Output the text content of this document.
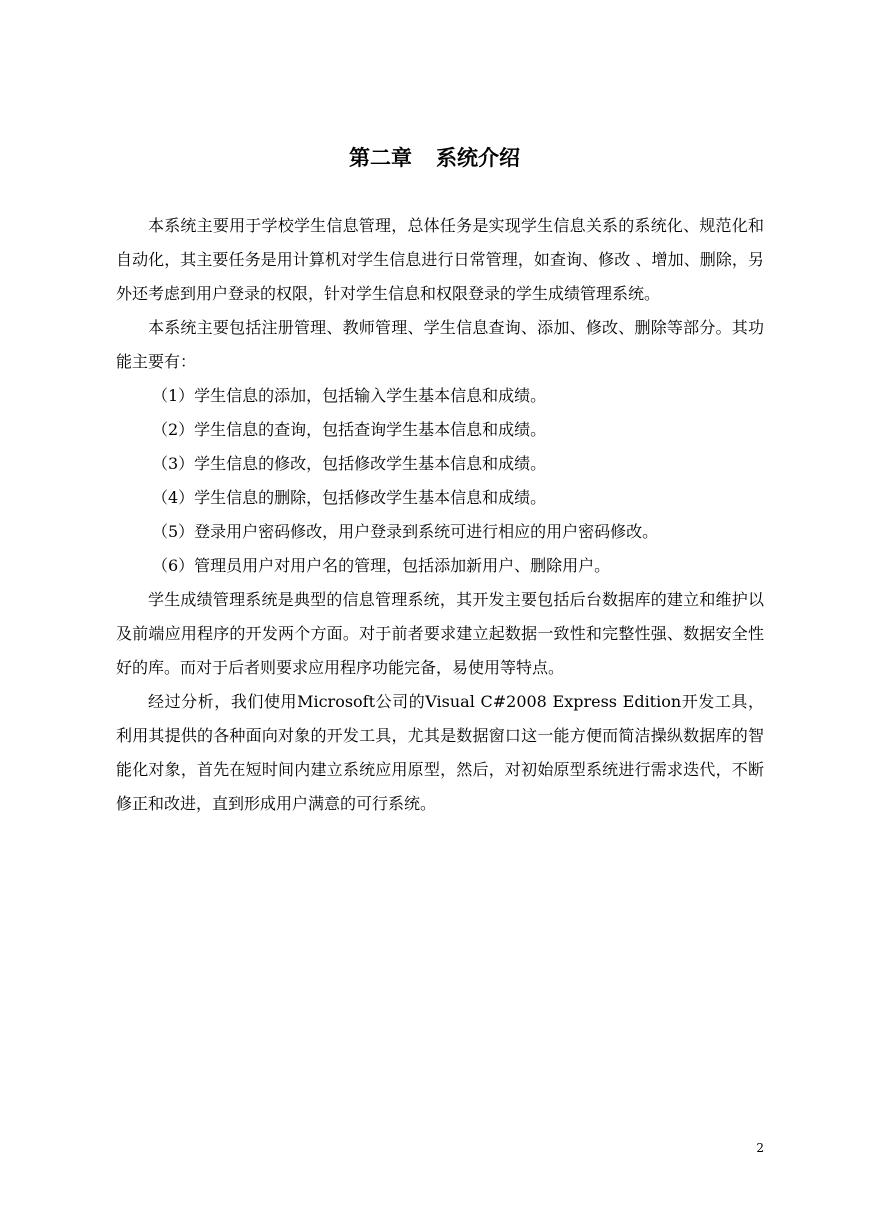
第二章 系统介绍

本系统主要用于学校学生信息管理，总体任务是实现学生信息关系的系统化、规范化和自动化，其主要任务是用计算机对学生信息进行日常管理，如查询、修改 、增加、删除，另外还考虑到用户登录的权限，针对学生信息和权限登录的学生成绩管理系统。

本系统主要包括注册管理、教师管理、学生信息查询、添加、修改、删除等部分。其功能主要有：

（1）学生信息的添加，包括输入学生基本信息和成绩。

（2）学生信息的查询，包括查询学生基本信息和成绩。

（3）学生信息的修改，包括修改学生基本信息和成绩。

（4）学生信息的删除，包括修改学生基本信息和成绩。

（5）登录用户密码修改，用户登录到系统可进行相应的用户密码修改。

（6）管理员用户对用户名的管理，包括添加新用户、删除用户。

学生成绩管理系统是典型的信息管理系统，其开发主要包括后台数据库的建立和维护以及前端应用程序的开发两个方面。对于前者要求建立起数据一致性和完整性强、数据安全性好的库。而对于后者则要求应用程序功能完备，易使用等特点。

经过分析，我们使用Microsoft公司的Visual C#2008 Express Edition开发工具，利用其提供的各种面向对象的开发工具，尤其是数据窗口这一能方便而简洁操纵数据库的智能化对象，首先在短时间内建立系统应用原型，然后，对初始原型系统进行需求迭代，不断修正和改进，直到形成用户满意的可行系统。

2
